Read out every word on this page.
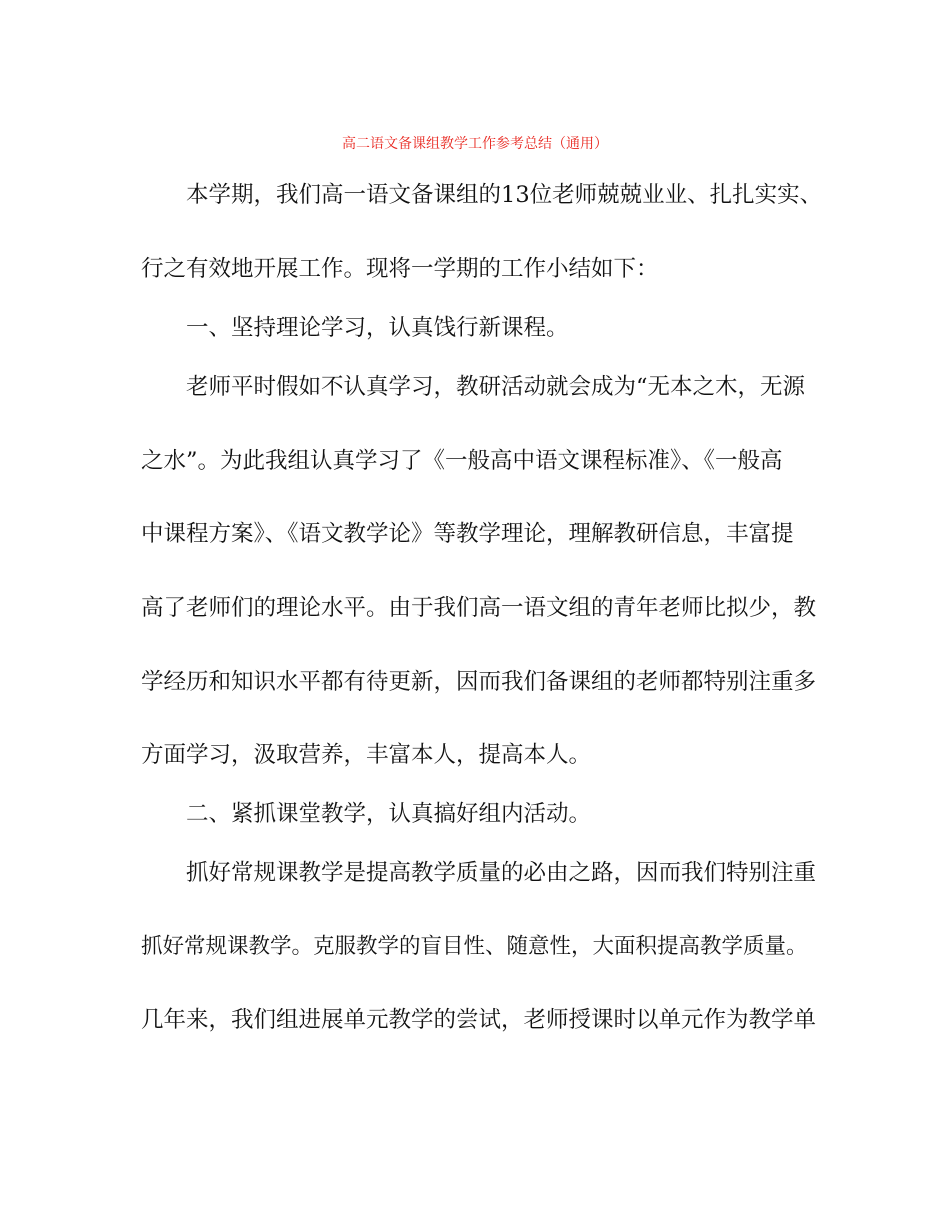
高二语文备课组教学工作参考总结（通用）
本学期，我们高一语文备课组的13位老师兢兢业业、扎扎实实、
行之有效地开展工作。现将一学期的工作小结如下：
一、坚持理论学习，认真饯行新课程。
老师平时假如不认真学习，教研活动就会成为“无本之木，无源
之水”。为此我组认真学习了《一般高中语文课程标准》、《一般高
中课程方案》、《语文教学论》等教学理论，理解教研信息，丰富提
高了老师们的理论水平。由于我们高一语文组的青年老师比拟少，教
学经历和知识水平都有待更新，因而我们备课组的老师都特别注重多
方面学习，汲取营养，丰富本人，提高本人。
二、紧抓课堂教学，认真搞好组内活动。
抓好常规课教学是提高教学质量的必由之路，因而我们特别注重
抓好常规课教学。克服教学的盲目性、随意性，大面积提高教学质量。
几年来，我们组进展单元教学的尝试，老师授课时以单元作为教学单
